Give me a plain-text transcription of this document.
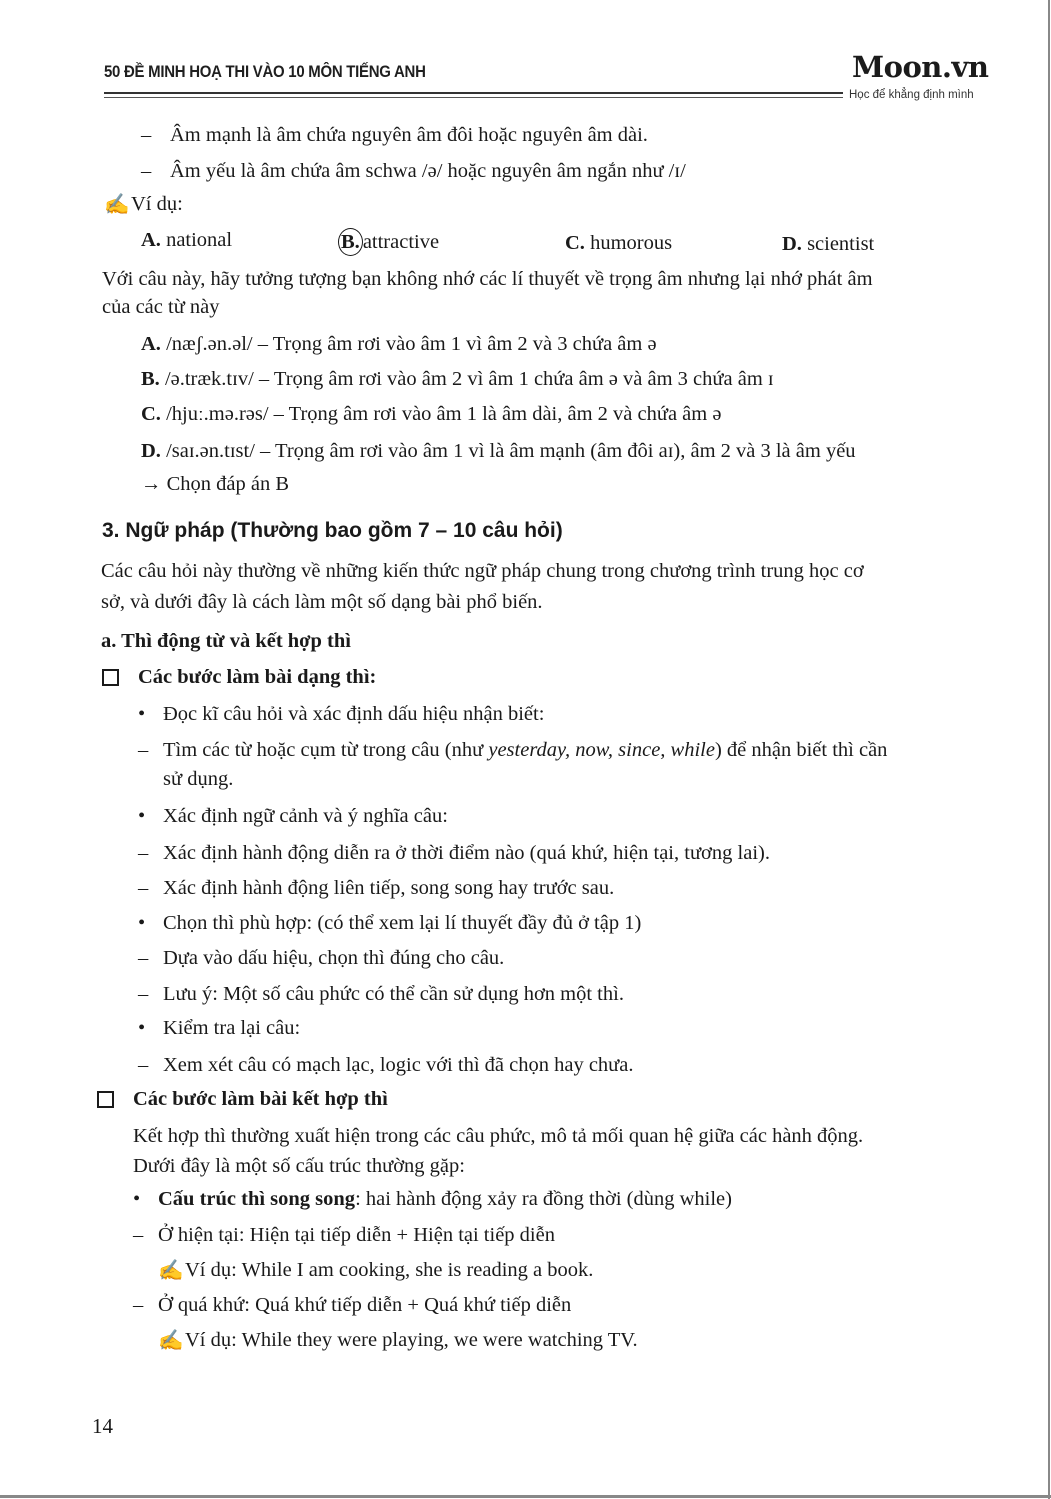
50 ĐỀ MINH HOẠ THI VÀO 10 MÔN TIẾNG ANH	Moon.vn
Học để khẳng định mình
– Âm mạnh là âm chứa nguyên âm đôi hoặc nguyên âm dài.
– Âm yếu là âm chứa âm schwa /ə/ hoặc nguyên âm ngắn như /ɪ/
✍ Ví dụ:
A. national	B. attractive	C. humorous	D. scientist
Với câu này, hãy tưởng tượng bạn không nhớ các lí thuyết về trọng âm nhưng lại nhớ phát âm
của các từ này
A. /næʃ.ən.əl/ – Trọng âm rơi vào âm 1 vì âm 2 và 3 chứa âm ə
B. /ə.træk.tɪv/ – Trọng âm rơi vào âm 2 vì âm 1 chứa âm ə và âm 3 chứa âm ɪ
C. /hjuː.mə.rəs/ – Trọng âm rơi vào âm 1 là âm dài, âm 2 và chứa âm ə
D. /saɪ.ən.tɪst/ – Trọng âm rơi vào âm 1 vì là âm mạnh (âm đôi aɪ), âm 2 và 3 là âm yếu
→ Chọn đáp án B
3. Ngữ pháp (Thường bao gồm 7 – 10 câu hỏi)
Các câu hỏi này thường về những kiến thức ngữ pháp chung trong chương trình trung học cơ
sở, và dưới đây là cách làm một số dạng bài phổ biến.
a. Thì động từ và kết hợp thì
Các bước làm bài dạng thì:
• Đọc kĩ câu hỏi và xác định dấu hiệu nhận biết:
– Tìm các từ hoặc cụm từ trong câu (như yesterday, now, since, while) để nhận biết thì cần
sử dụng.
• Xác định ngữ cảnh và ý nghĩa câu:
– Xác định hành động diễn ra ở thời điểm nào (quá khứ, hiện tại, tương lai).
– Xác định hành động liên tiếp, song song hay trước sau.
• Chọn thì phù hợp: (có thể xem lại lí thuyết đầy đủ ở tập 1)
– Dựa vào dấu hiệu, chọn thì đúng cho câu.
– Lưu ý: Một số câu phức có thể cần sử dụng hơn một thì.
• Kiểm tra lại câu:
– Xem xét câu có mạch lạc, logic với thì đã chọn hay chưa.
Các bước làm bài kết hợp thì
Kết hợp thì thường xuất hiện trong các câu phức, mô tả mối quan hệ giữa các hành động.
Dưới đây là một số cấu trúc thường gặp:
• Cấu trúc thì song song: hai hành động xảy ra đồng thời (dùng while)
– Ở hiện tại: Hiện tại tiếp diễn + Hiện tại tiếp diễn
✍ Ví dụ: While I am cooking, she is reading a book.
– Ở quá khứ: Quá khứ tiếp diễn + Quá khứ tiếp diễn
✍ Ví dụ: While they were playing, we were watching TV.
14
